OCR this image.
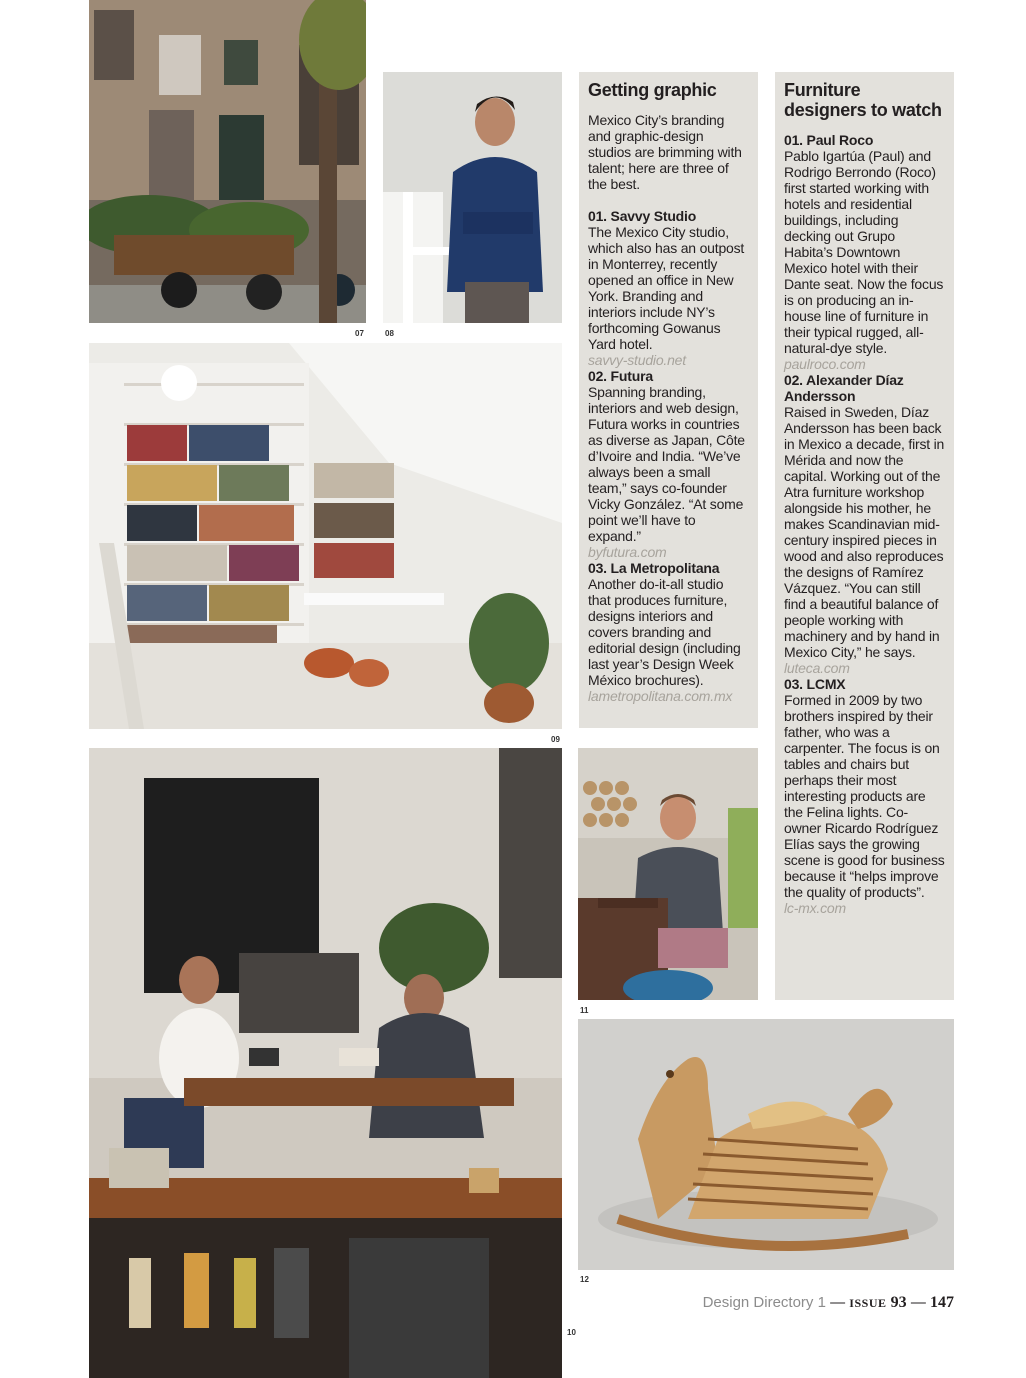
07	08
09
10
11
12
Getting graphic

Mexico City’s branding and graphic-design studios are brimming with talent; here are three of the best.

01. Savvy Studio
The Mexico City studio, which also has an outpost in Monterrey, recently opened an office in New York. Branding and interiors include NY’s forthcoming Gowanus Yard hotel.
savvy-studio.net

02. Futura
Spanning branding, interiors and web design, Futura works in countries as diverse as Japan, Côte d’Ivoire and India. “We’ve always been a small team,” says co-founder Vicky González. “At some point we’ll have to expand.”
byfutura.com

03. La Metropolitana
Another do-it-all studio that produces furniture, designs interiors and covers branding and editorial design (including last year’s Design Week México brochures).
lametropolitana.com.mx

Furniture designers to watch

01. Paul Roco
Pablo Igartúa (Paul) and Rodrigo Berrondo (Roco) first started working with hotels and residential buildings, including decking out Grupo Habita’s Downtown Mexico hotel with their Dante seat. Now the focus is on producing an in-house line of furniture in their typical rugged, all-natural-dye style.
paulroco.com

02. Alexander Díaz Andersson
Raised in Sweden, Díaz Andersson has been back in Mexico a decade, first in Mérida and now the capital. Working out of the Atra furniture workshop alongside his mother, he makes Scandinavian mid-century inspired pieces in wood and also reproduces the designs of Ramírez Vázquez. “You can still find a beautiful balance of people working with machinery and by hand in Mexico City,” he says.
luteca.com

03. LCMX
Formed in 2009 by two brothers inspired by their father, who was a carpenter. The focus is on tables and chairs but perhaps their most interesting products are the Felina lights. Co-owner Ricardo Rodríguez Elías says the growing scene is good for business because it “helps improve the quality of products”.
lc-mx.com

Design Directory 1 — ISSUE 93 — 147
